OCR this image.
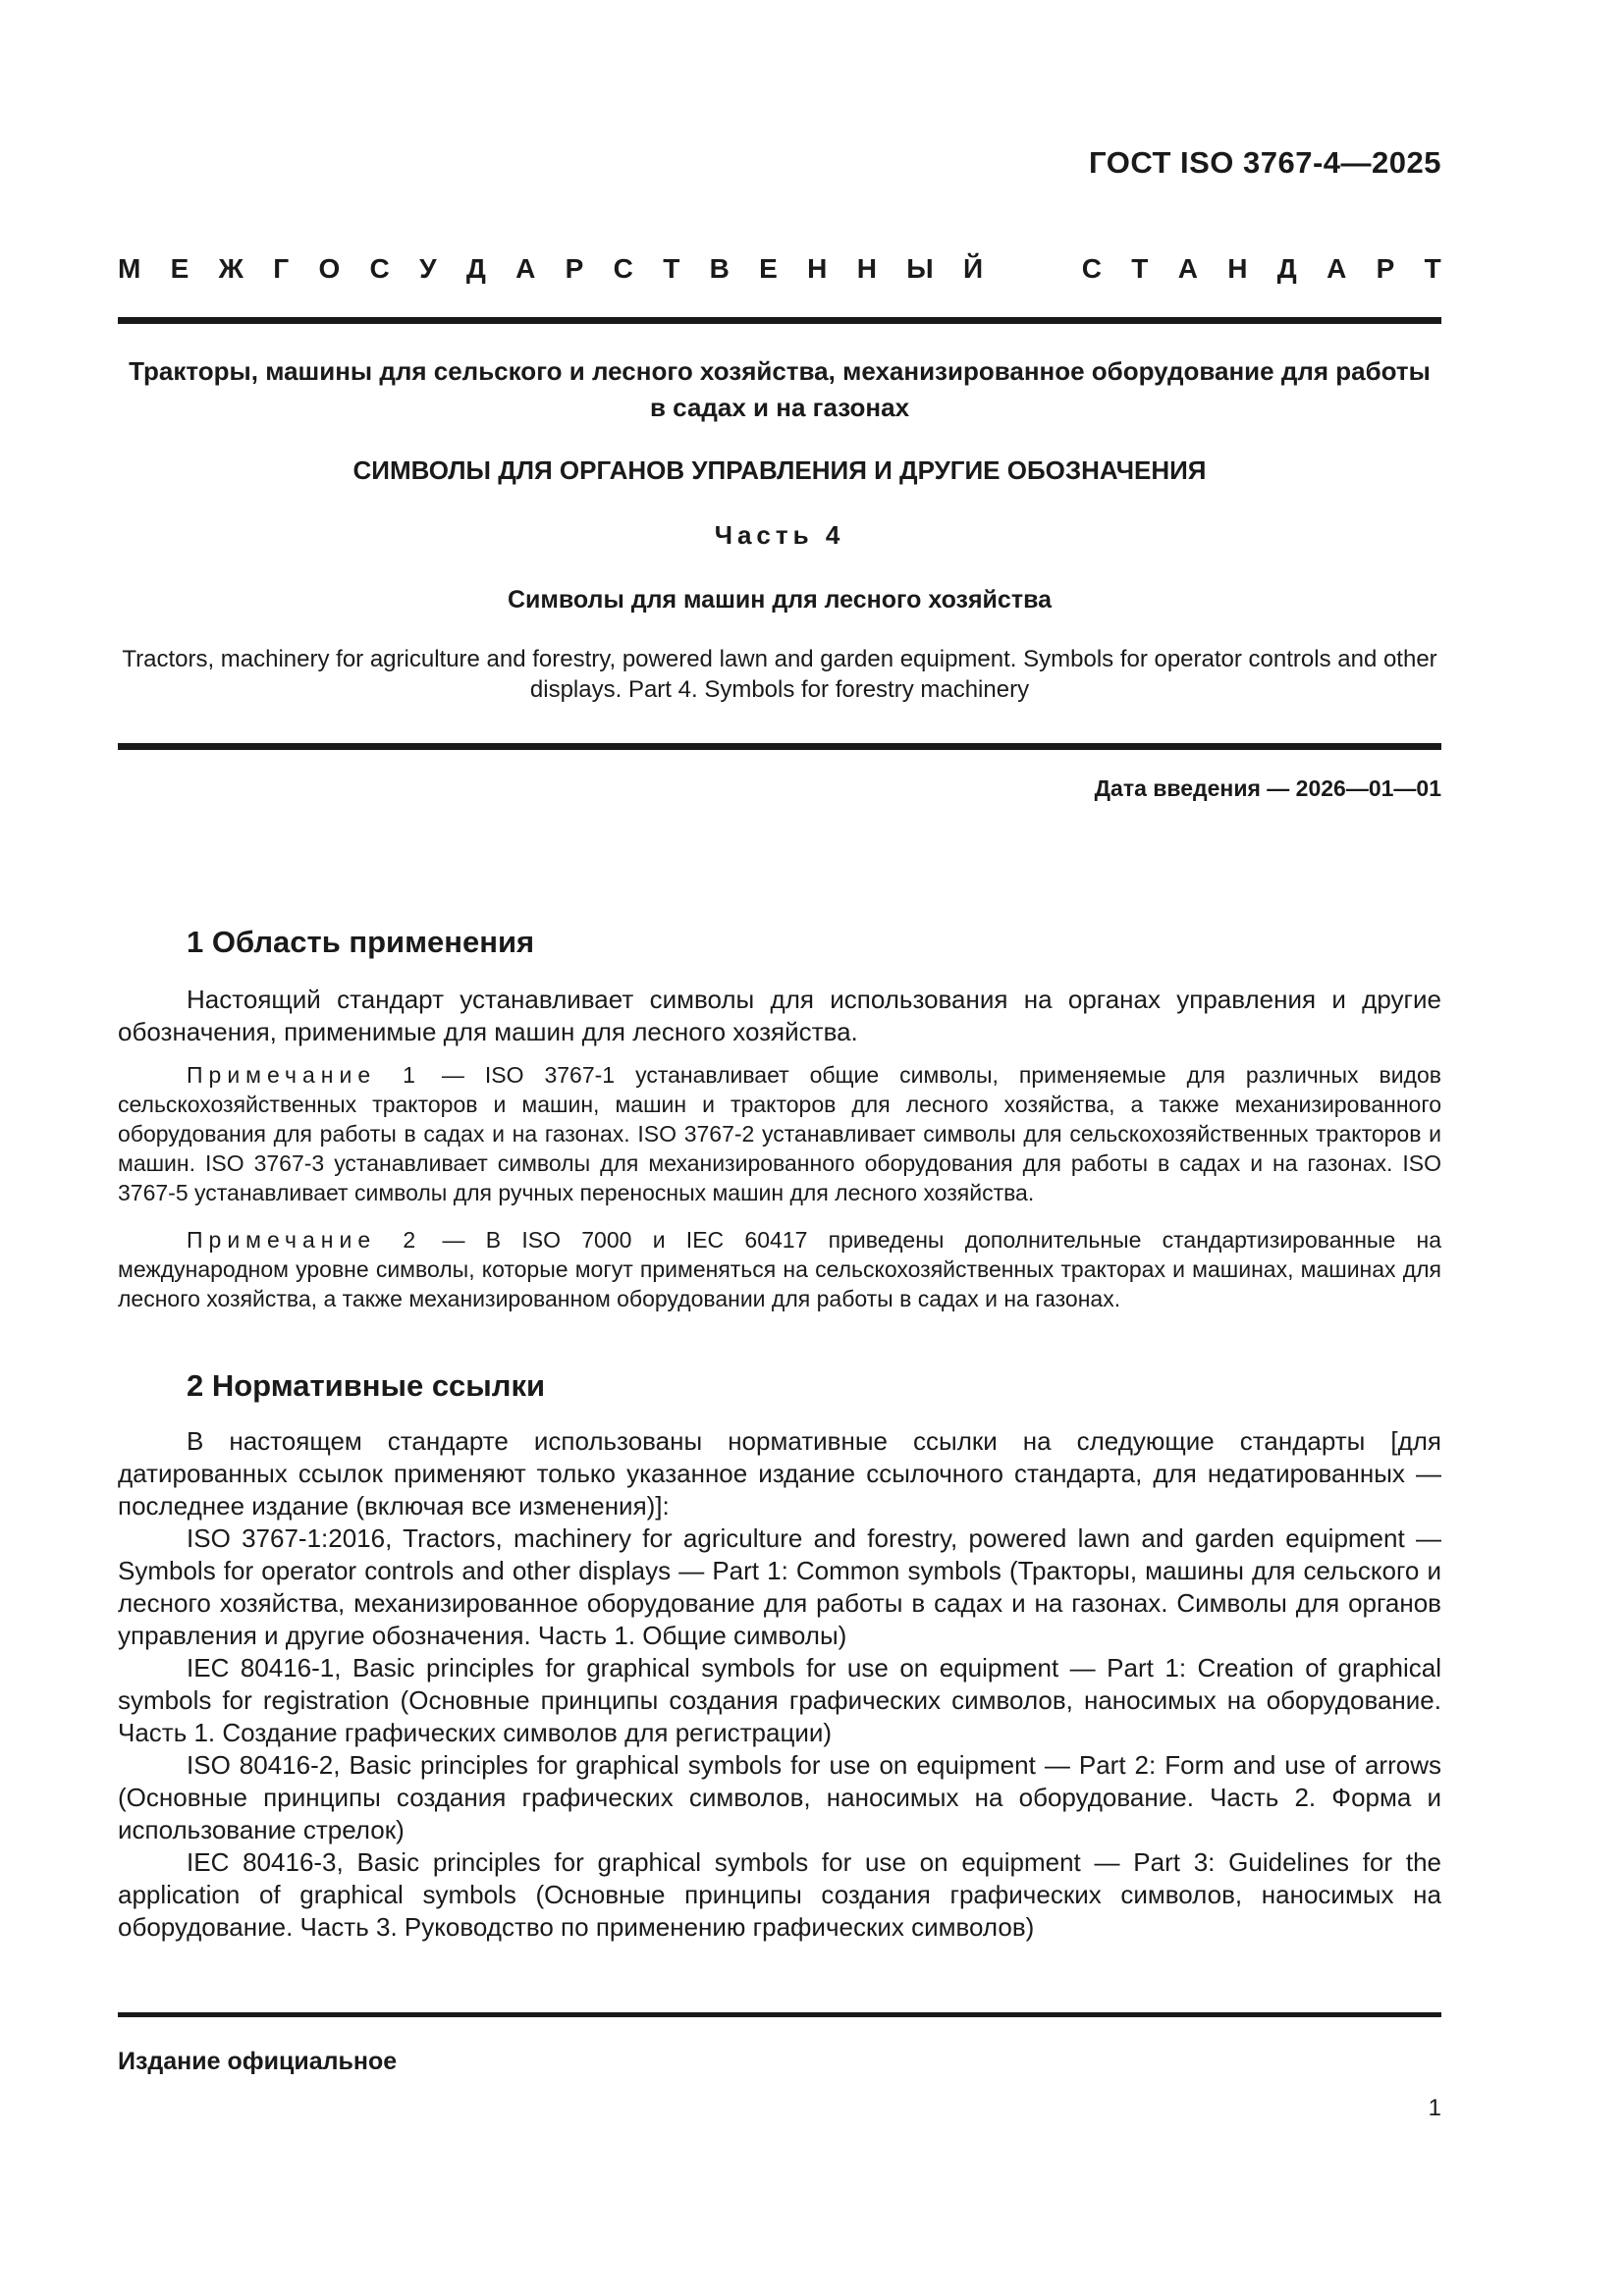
ГОСТ ISO 3767-4—2025
М Е Ж Г О С У Д А Р С Т В Е Н Н Ы Й	С Т А Н Д А Р Т
Тракторы, машины для сельского и лесного хозяйства, механизированное оборудование для работы в садах и на газонах
СИМВОЛЫ ДЛЯ ОРГАНОВ УПРАВЛЕНИЯ И ДРУГИЕ ОБОЗНАЧЕНИЯ
Часть 4
Символы для машин для лесного хозяйства
Tractors, machinery for agriculture and forestry, powered lawn and garden equipment. Symbols for operator controls and other displays. Part 4. Symbols for forestry machinery
Дата введения — 2026—01—01
1 Область применения
Настоящий стандарт устанавливает символы для использования на органах управления и другие обозначения, применимые для машин для лесного хозяйства.
Примечание 1 — ISO 3767-1 устанавливает общие символы, применяемые для различных видов сельскохозяйственных тракторов и машин, машин и тракторов для лесного хозяйства, а также механизированного оборудования для работы в садах и на газонах. ISO 3767-2 устанавливает символы для сельскохозяйственных тракторов и машин. ISO 3767-3 устанавливает символы для механизированного оборудования для работы в садах и на газонах. ISO 3767-5 устанавливает символы для ручных переносных машин для лесного хозяйства.
Примечание 2 — В ISO 7000 и IEC 60417 приведены дополнительные стандартизированные на международном уровне символы, которые могут применяться на сельскохозяйственных тракторах и машинах, машинах для лесного хозяйства, а также механизированном оборудовании для работы в садах и на газонах.
2 Нормативные ссылки

В настоящем стандарте использованы нормативные ссылки на следующие стандарты [для датированных ссылок применяют только указанное издание ссылочного стандарта, для недатированных — последнее издание (включая все изменения)]:

ISO 3767-1:2016, Tractors, machinery for agriculture and forestry, powered lawn and garden equipment — Symbols for operator controls and other displays — Part 1: Common symbols (Тракторы, машины для сельского и лесного хозяйства, механизированное оборудование для работы в садах и на газонах. Символы для органов управления и другие обозначения. Часть 1. Общие символы)

IEC 80416-1, Basic principles for graphical symbols for use on equipment — Part 1: Creation of graphical symbols for registration (Основные принципы создания графических символов, наносимых на оборудование. Часть 1. Создание графических символов для регистрации)

ISO 80416-2, Basic principles for graphical symbols for use on equipment — Part 2: Form and use of arrows (Основные принципы создания графических символов, наносимых на оборудование. Часть 2. Форма и использование стрелок)

IEC 80416-3, Basic principles for graphical symbols for use on equipment — Part 3: Guidelines for the application of graphical symbols (Основные принципы создания графических символов, наносимых на оборудование. Часть 3. Руководство по применению графических символов)

Издание официальное
1
